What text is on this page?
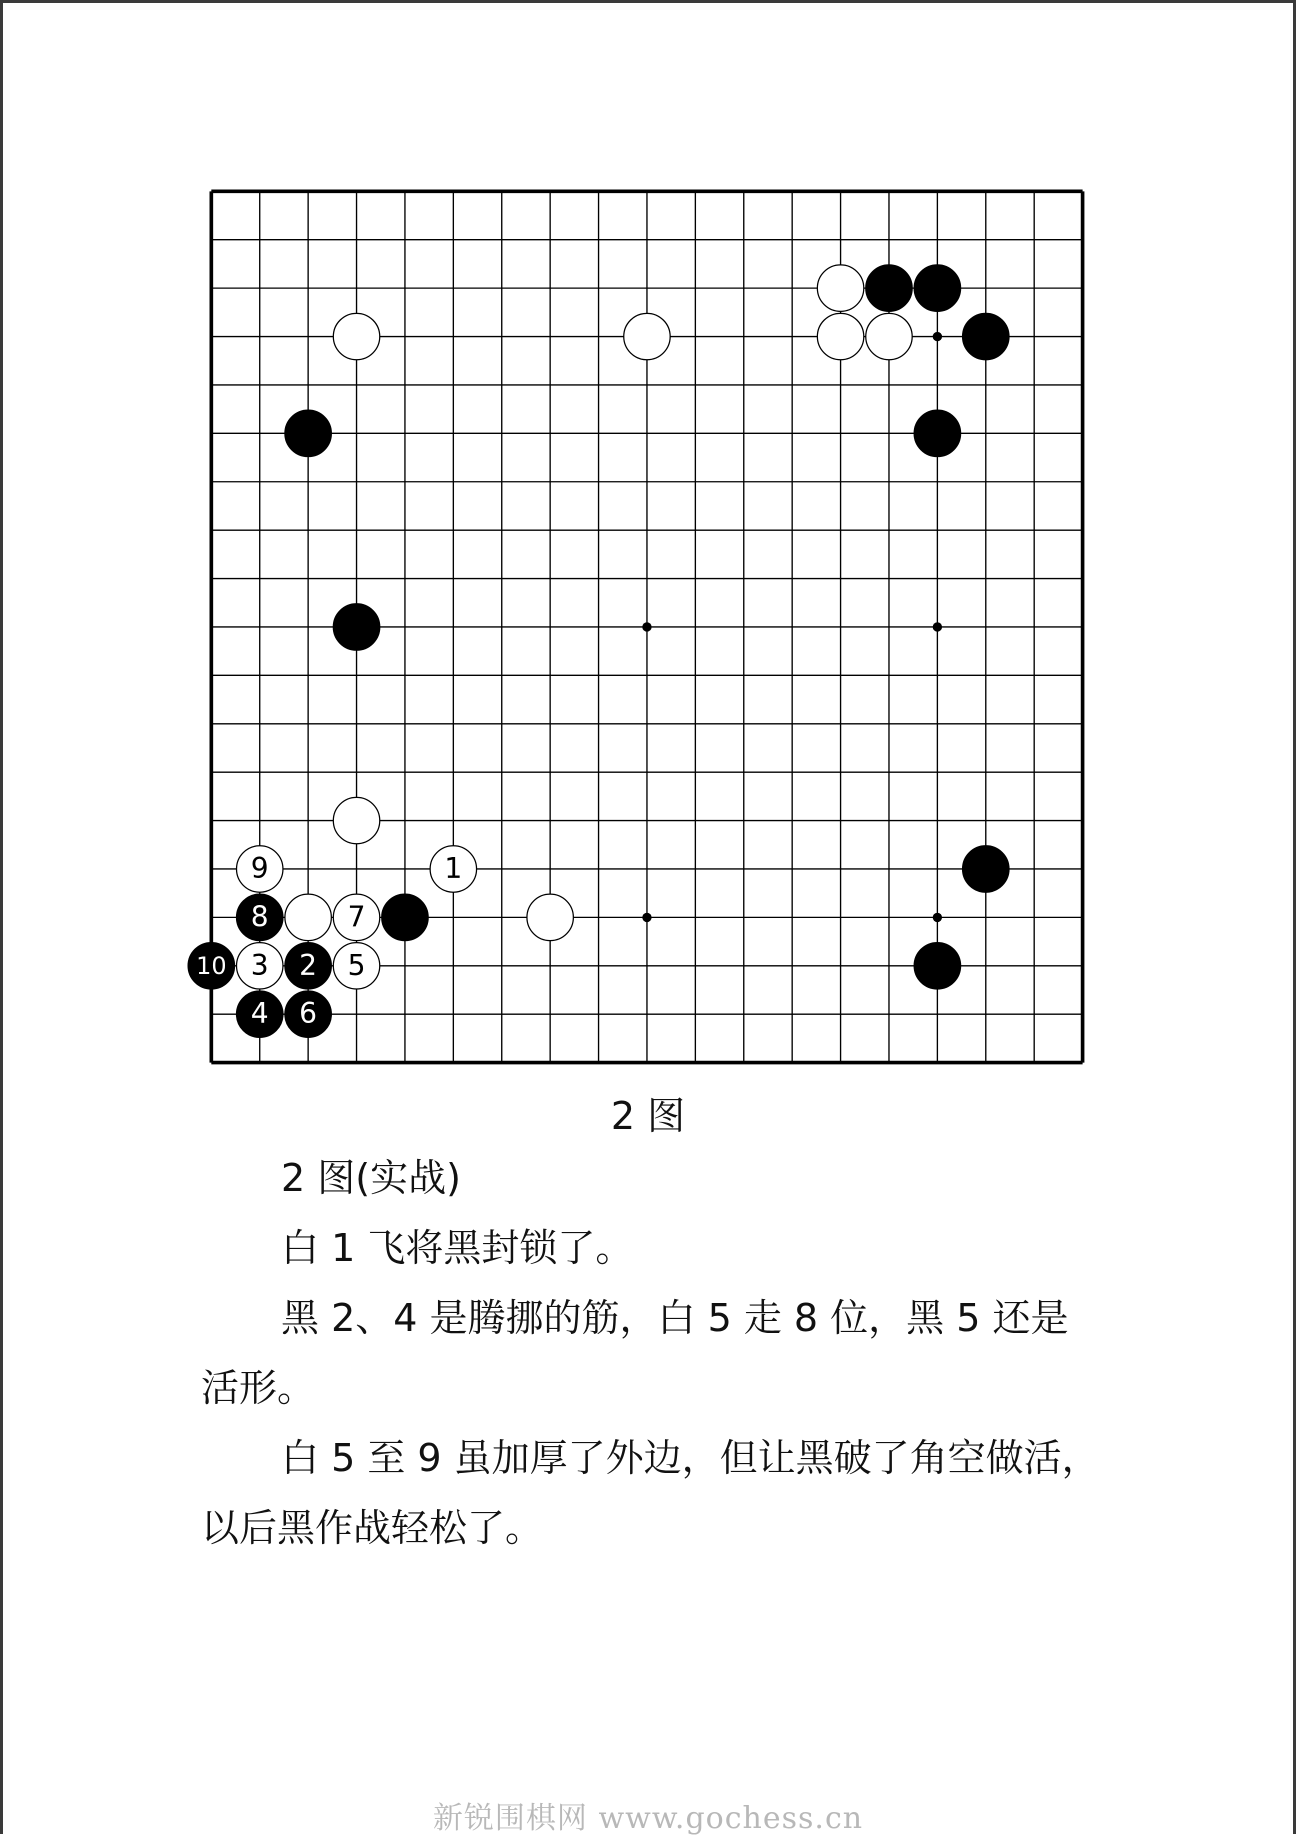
9	1
8	7
10 3 2 5
4 6
2 图

2 图(实战)

白 1 飞将黑封锁了。

黑 2、4 是腾挪的筋，白 5 走 8 位，黑 5 还是活形。

白 5 至 9 虽加厚了外边，但让黑破了角空做活，以后黑作战轻松了。

新锐围棋网 www.gochess.cn
